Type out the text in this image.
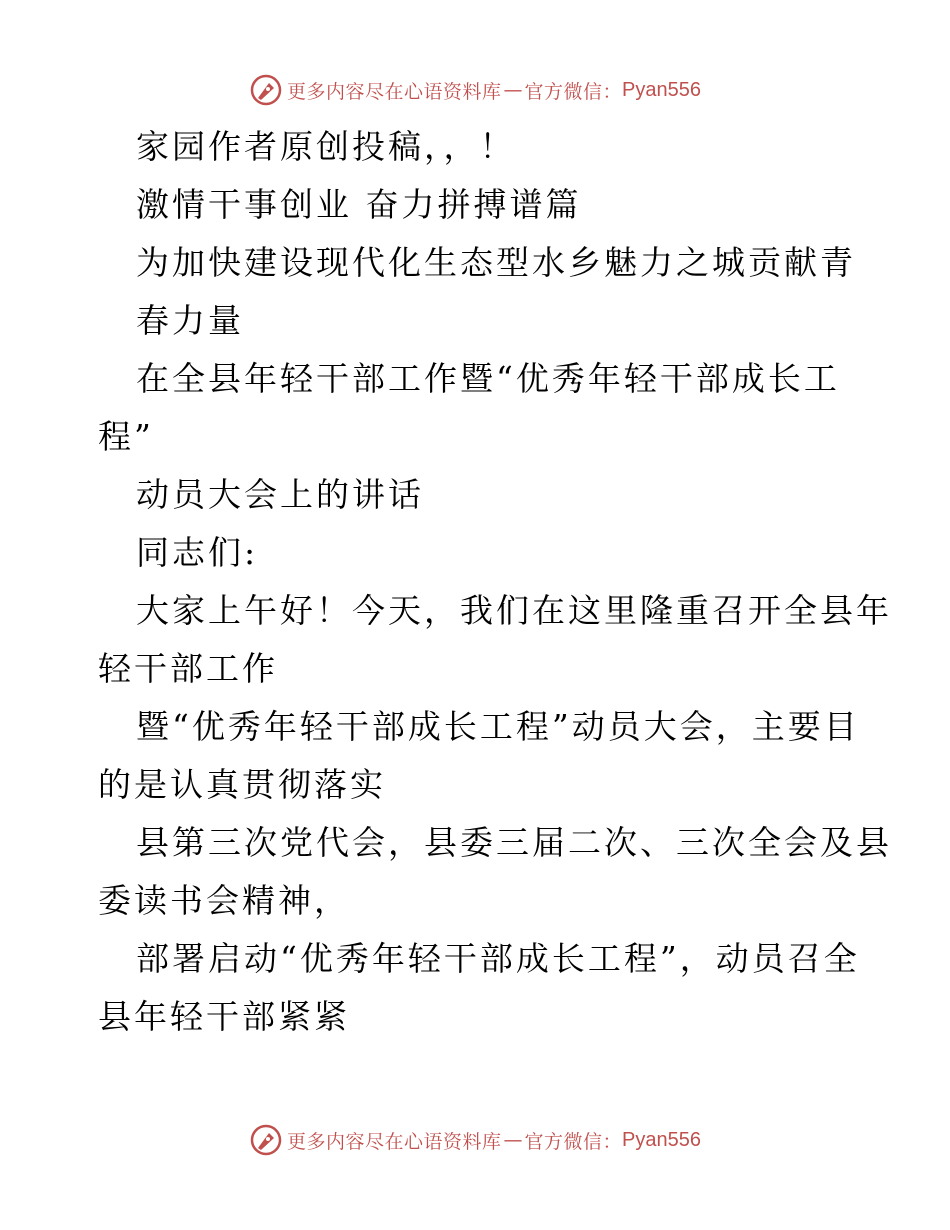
更多内容尽在心语资料库 — 官方微信： Pyan556

家园作者原创投稿，，！

激情干事创业 奋力拼搏谱篇

为加快建设现代化生态型水乡魅力之城贡献青

春力量

在全县年轻干部工作暨“优秀年轻干部成长工

程”

动员大会上的讲话

同志们:

大家上午好！今天，我们在这里隆重召开全县年

轻干部工作

暨“优秀年轻干部成长工程”动员大会，主要目

的是认真贯彻落实

县第三次党代会，县委三届二次、三次全会及县

委读书会精神，

部署启动“优秀年轻干部成长工程”，动员召全

县年轻干部紧紧

更多内容尽在心语资料库 — 官方微信： Pyan556
